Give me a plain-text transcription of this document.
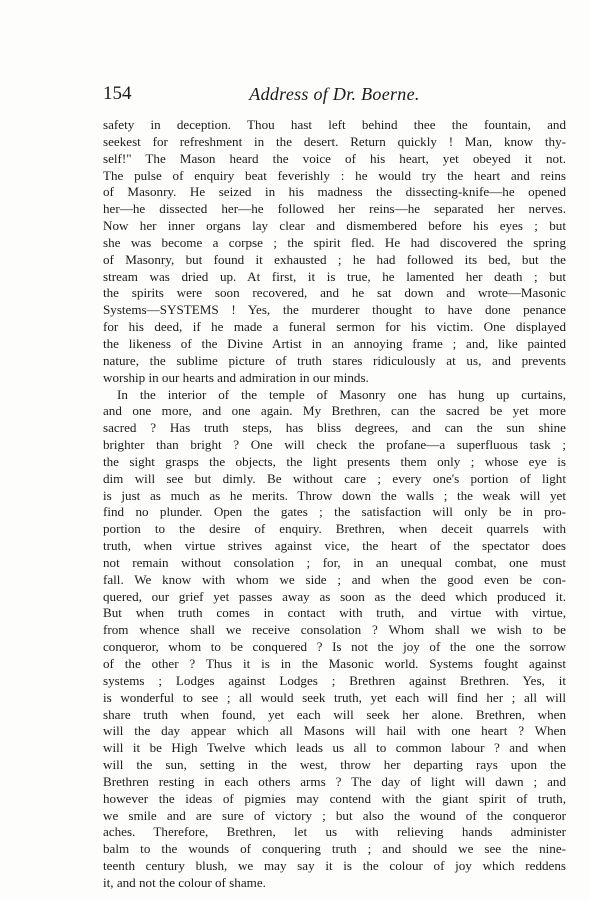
154	Address of Dr. Boerne.
safety in deception. Thou hast left behind thee the fountain, and
seekest for refreshment in the desert. Return quickly ! Man, know thy-
self!" The Mason heard the voice of his heart, yet obeyed it not.
The pulse of enquiry beat feverishly : he would try the heart and reins
of Masonry. He seized in his madness the dissecting-knife—he opened
her—he dissected her—he followed her reins—he separated her nerves.
Now her inner organs lay clear and dismembered before his eyes ; but
she was become a corpse ; the spirit fled. He had discovered the spring
of Masonry, but found it exhausted ; he had followed its bed, but the
stream was dried up. At first, it is true, he lamented her death ; but
the spirits were soon recovered, and he sat down and wrote—Masonic
Systems—SYSTEMS ! Yes, the murderer thought to have done penance
for his deed, if he made a funeral sermon for his victim. One displayed
the likeness of the Divine Artist in an annoying frame ; and, like painted
nature, the sublime picture of truth stares ridiculously at us, and prevents
worship in our hearts and admiration in our minds.
In the interior of the temple of Masonry one has hung up curtains,
and one more, and one again. My Brethren, can the sacred be yet more
sacred ? Has truth steps, has bliss degrees, and can the sun shine
brighter than bright ? One will check the profane—a superfluous task ;
the sight grasps the objects, the light presents them only ; whose eye is
dim will see but dimly. Be without care ; every one's portion of light
is just as much as he merits. Throw down the walls ; the weak will yet
find no plunder. Open the gates ; the satisfaction will only be in pro-
portion to the desire of enquiry. Brethren, when deceit quarrels with
truth, when virtue strives against vice, the heart of the spectator does
not remain without consolation ; for, in an unequal combat, one must
fall. We know with whom we side ; and when the good even be con-
quered, our grief yet passes away as soon as the deed which produced it.
But when truth comes in contact with truth, and virtue with virtue,
from whence shall we receive consolation ? Whom shall we wish to be
conqueror, whom to be conquered ? Is not the joy of the one the sorrow
of the other ? Thus it is in the Masonic world. Systems fought against
systems ; Lodges against Lodges ; Brethren against Brethren. Yes, it
is wonderful to see ; all would seek truth, yet each will find her ; all will
share truth when found, yet each will seek her alone. Brethren, when
will the day appear which all Masons will hail with one heart ? When
will it be High Twelve which leads us all to common labour ? and when
will the sun, setting in the west, throw her departing rays upon the
Brethren resting in each others arms ? The day of light will dawn ; and
however the ideas of pigmies may contend with the giant spirit of truth,
we smile and are sure of victory ; but also the wound of the conqueror
aches. Therefore, Brethren, let us with relieving hands administer
balm to the wounds of conquering truth ; and should we see the nine-
teenth century blush, we may say it is the colour of joy which reddens
it, and not the colour of shame.
